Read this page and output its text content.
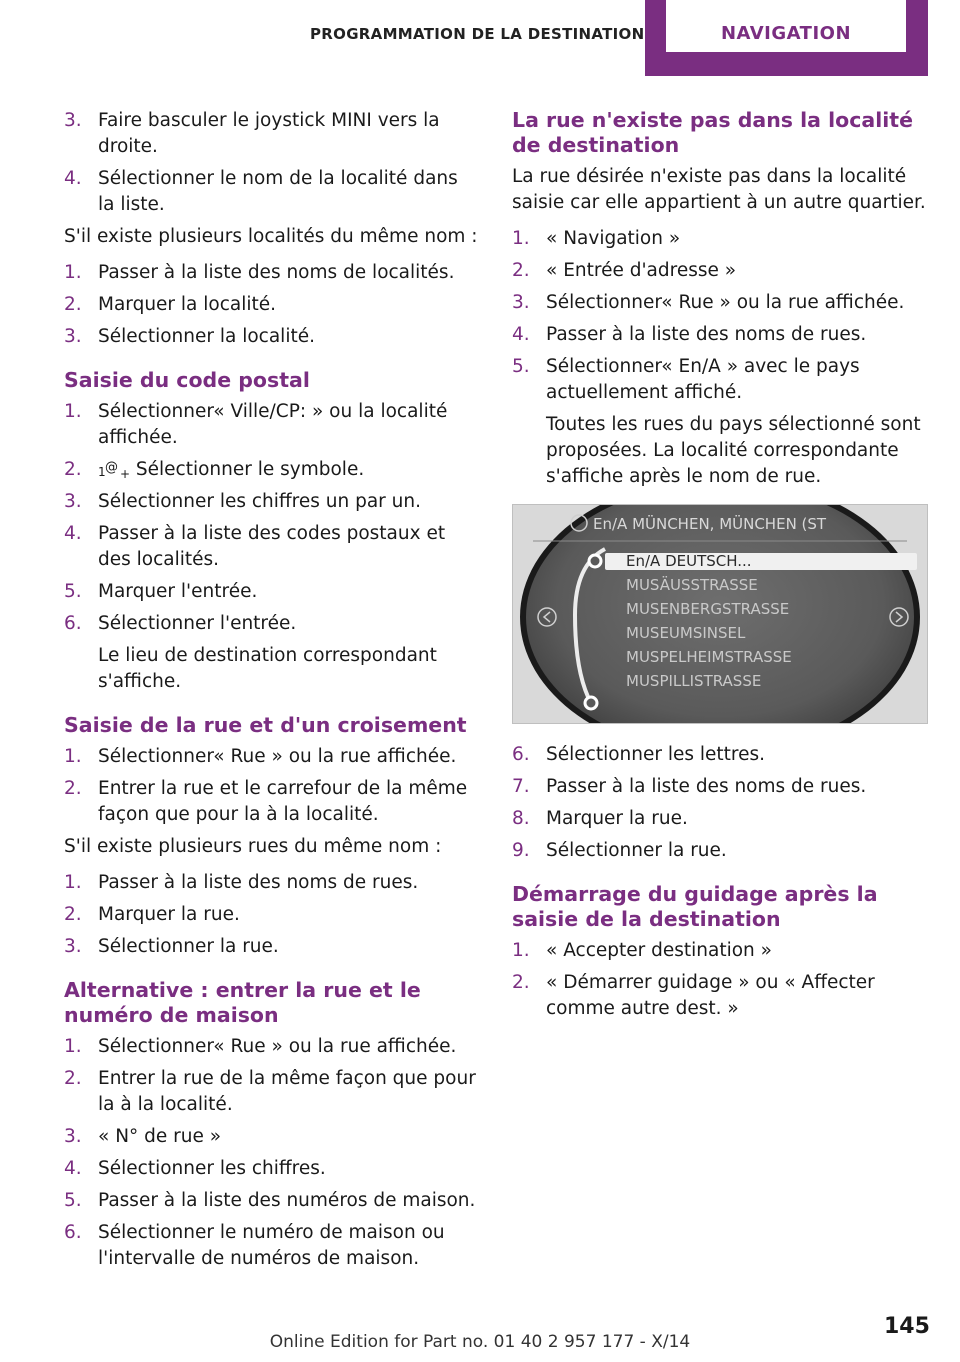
PROGRAMMATION DE LA DESTINATION	NAVIGATION
3. Faire basculer le joystick MINI vers la droite.
4. Sélectionner le nom de la localité dans la liste.
S'il existe plusieurs localités du même nom :
1. Passer à la liste des noms de localités.
2. Marquer la localité.
3. Sélectionner la localité.
Saisie du code postal
1. Sélectionner« Ville/CP: » ou la localité affichée.
2.	1 @ + Sélectionner le symbole.
3. Sélectionner les chiffres un par un.
4. Passer à la liste des codes postaux et des localités.
5. Marquer l'entrée.
6. Sélectionner l'entrée.
Le lieu de destination correspondant s'affiche.
Saisie de la rue et d'un croisement
1. Sélectionner« Rue » ou la rue affichée.
2. Entrer la rue et le carrefour de la même façon que pour la à la localité.
S'il existe plusieurs rues du même nom :
1. Passer à la liste des noms de rues.
2. Marquer la rue.
3. Sélectionner la rue.
Alternative : entrer la rue et le numéro de maison
1. Sélectionner« Rue » ou la rue affichée.
2. Entrer la rue de la même façon que pour la à la localité.
3. « N° de rue »
4. Sélectionner les chiffres.
5. Passer à la liste des numéros de maison.
6. Sélectionner le numéro de maison ou l'intervalle de numéros de maison.
La rue n'existe pas dans la localité de destination
La rue désirée n'existe pas dans la localité saisie car elle appartient à un autre quartier.
1. « Navigation »
2. « Entrée d'adresse »
3. Sélectionner« Rue » ou la rue affichée.
4. Passer à la liste des noms de rues.
5. Sélectionner« En/A » avec le pays actuellement affiché.
Toutes les rues du pays sélectionné sont proposées. La localité correspondante s'affiche après le nom de rue.
En/A MÜNCHEN, MÜNCHEN (ST
En/A DEUTSCH...
MUSÄUSSTRASSE
MUSENBERGSTRASSE
MUSEUMSINSEL
MUSPELHEIMSTRASSE
MUSPILLISTRASSE
6. Sélectionner les lettres.
7. Passer à la liste des noms de rues.
8. Marquer la rue.
9. Sélectionner la rue.
Démarrage du guidage après la saisie de la destination
1. « Accepter destination »
2. « Démarrer guidage » ou « Affecter comme autre dest. »
145
Online Edition for Part no. 01 40 2 957 177 - X/14
